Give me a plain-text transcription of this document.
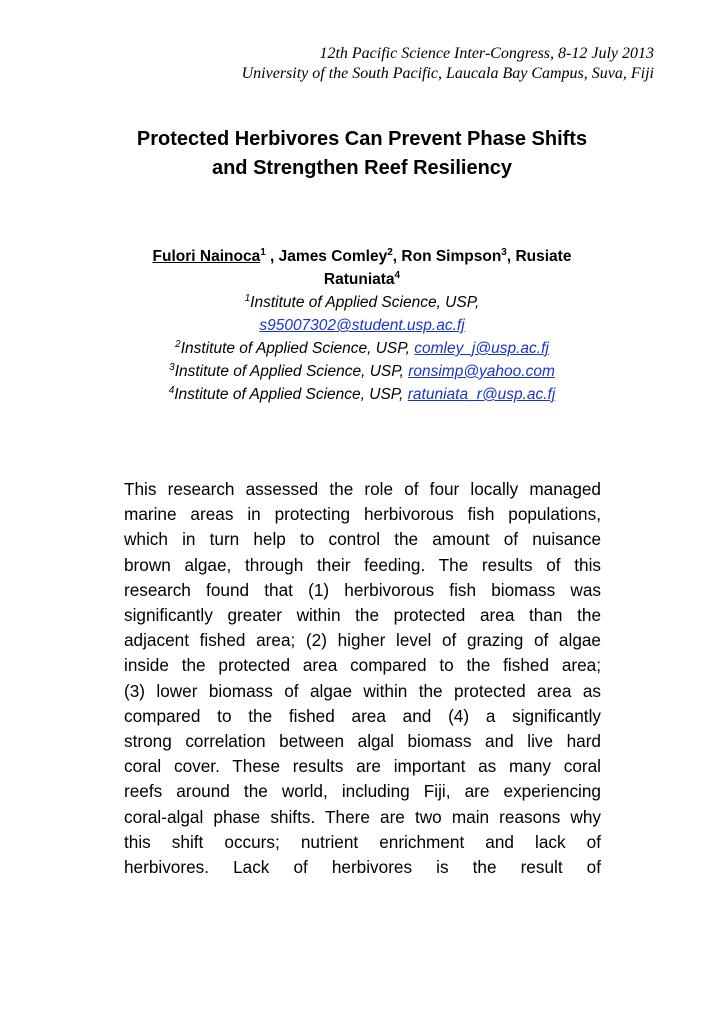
12th Pacific Science Inter-Congress, 8-12 July 2013
University of the South Pacific, Laucala Bay Campus, Suva, Fiji
Protected Herbivores Can Prevent Phase Shifts
and Strengthen Reef Resiliency
Fulori Nainoca$^1$ , James Comley$^2$, Ron Simpson$^3$, Rusiate
Ratuniata$^4$
$^1$Institute of Applied Science, USP,
s95007302@student.usp.ac.fj
$^2$Institute of Applied Science, USP, comley_j@usp.ac.fj
$^3$Institute of Applied Science, USP, ronsimp@yahoo.com
$^4$Institute of Applied Science, USP, ratuniata_r@usp.ac.fj
This research assessed the role of four locally managed
marine areas in protecting herbivorous fish populations,
which in turn help to control the amount of nuisance
brown algae, through their feeding. The results of this
research found that (1) herbivorous fish biomass was
significantly greater within the protected area than the
adjacent fished area; (2) higher level of grazing of algae
inside the protected area compared to the fished area;
(3) lower biomass of algae within the protected area as
compared to the fished area and (4) a significantly
strong correlation between algal biomass and live hard
coral cover. These results are important as many coral
reefs around the world, including Fiji, are experiencing
coral-algal phase shifts. There are two main reasons why
this shift occurs; nutrient enrichment and lack of
herbivores. Lack of herbivores is the result of
